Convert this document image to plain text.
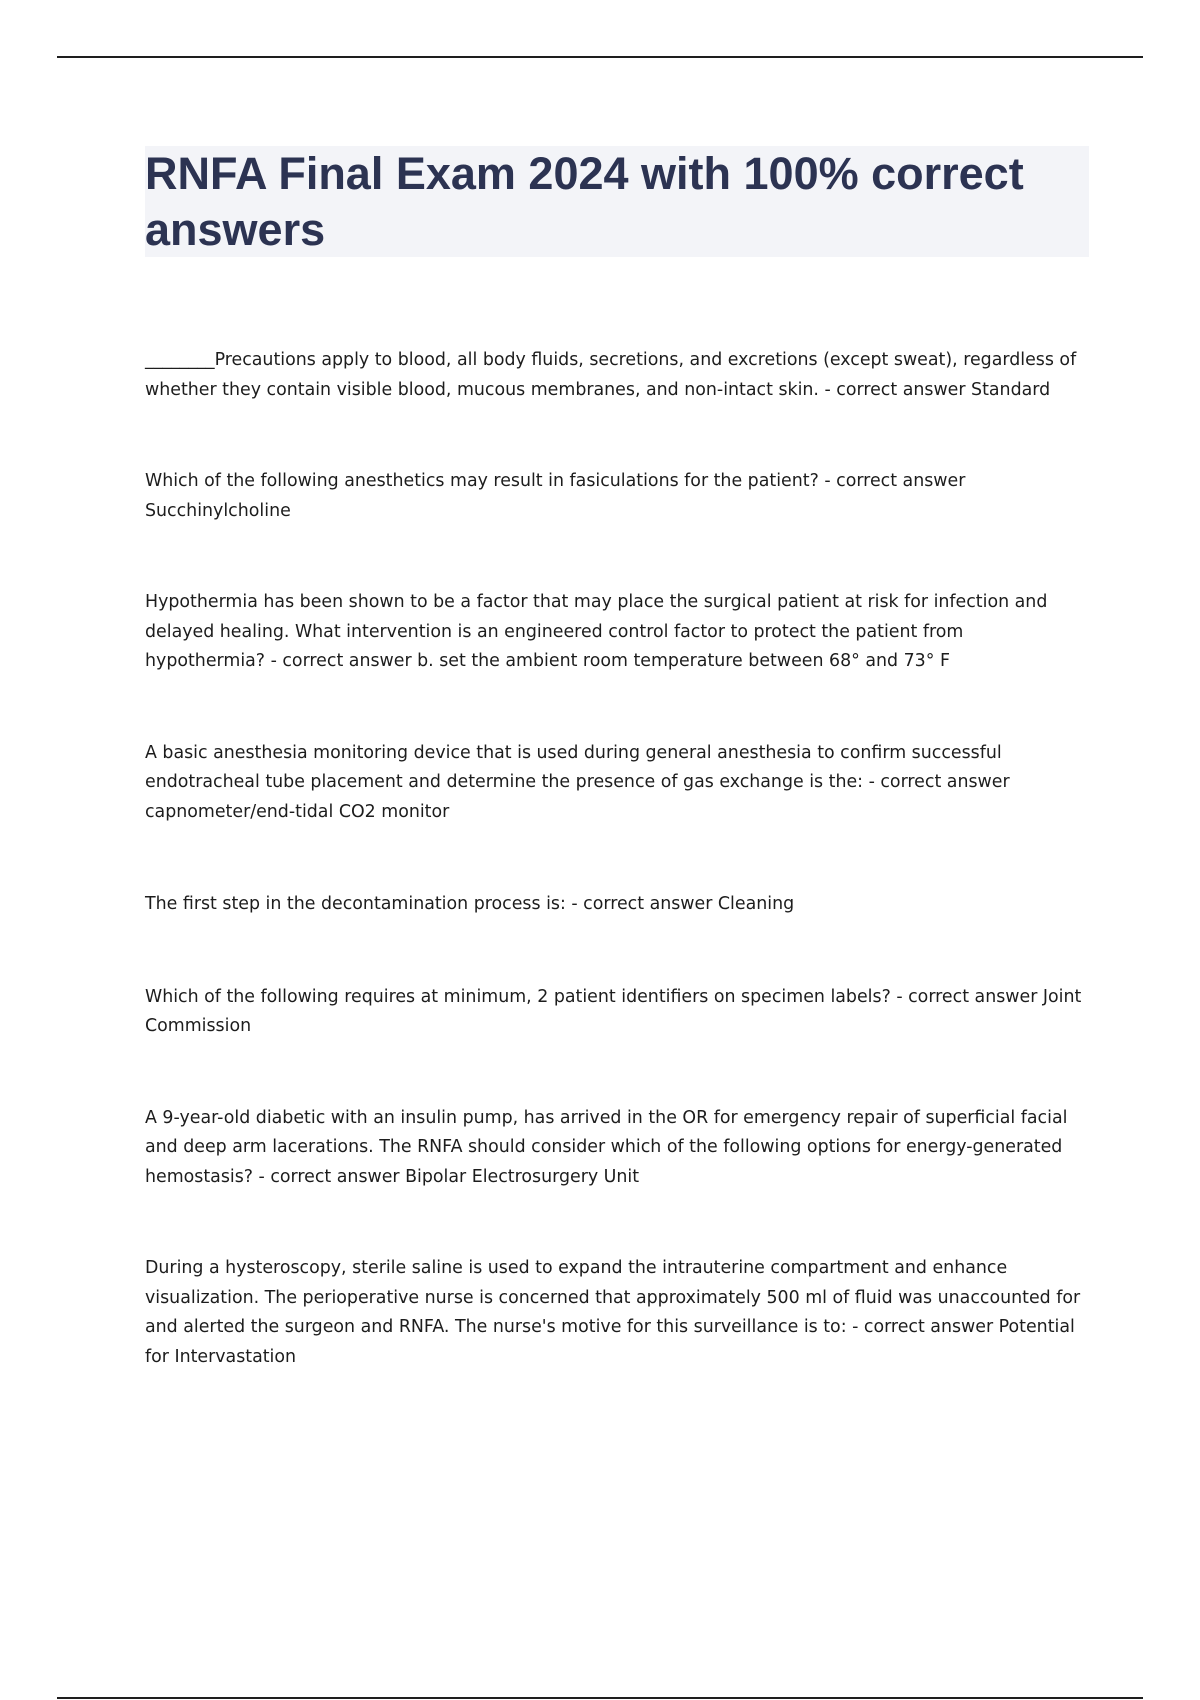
RNFA Final Exam 2024 with 100% correct answers

________Precautions apply to blood, all body fluids, secretions, and excretions (except sweat), regardless of whether they contain visible blood, mucous membranes, and non-intact skin. - correct answer Standard

Which of the following anesthetics may result in fasiculations for the patient? - correct answer Succhinylcholine

Hypothermia has been shown to be a factor that may place the surgical patient at risk for infection and delayed healing. What intervention is an engineered control factor to protect the patient from hypothermia? - correct answer b. set the ambient room temperature between 68° and 73° F

A basic anesthesia monitoring device that is used during general anesthesia to confirm successful endotracheal tube placement and determine the presence of gas exchange is the: - correct answer capnometer/end-tidal CO2 monitor

The first step in the decontamination process is: - correct answer Cleaning

Which of the following requires at minimum, 2 patient identifiers on specimen labels? - correct answer Joint Commission

A 9-year-old diabetic with an insulin pump, has arrived in the OR for emergency repair of superficial facial and deep arm lacerations. The RNFA should consider which of the following options for energy-generated hemostasis? - correct answer Bipolar Electrosurgery Unit

During a hysteroscopy, sterile saline is used to expand the intrauterine compartment and enhance visualization. The perioperative nurse is concerned that approximately 500 ml of fluid was unaccounted for and alerted the surgeon and RNFA. The nurse's motive for this surveillance is to: - correct answer Potential for Intervastation
